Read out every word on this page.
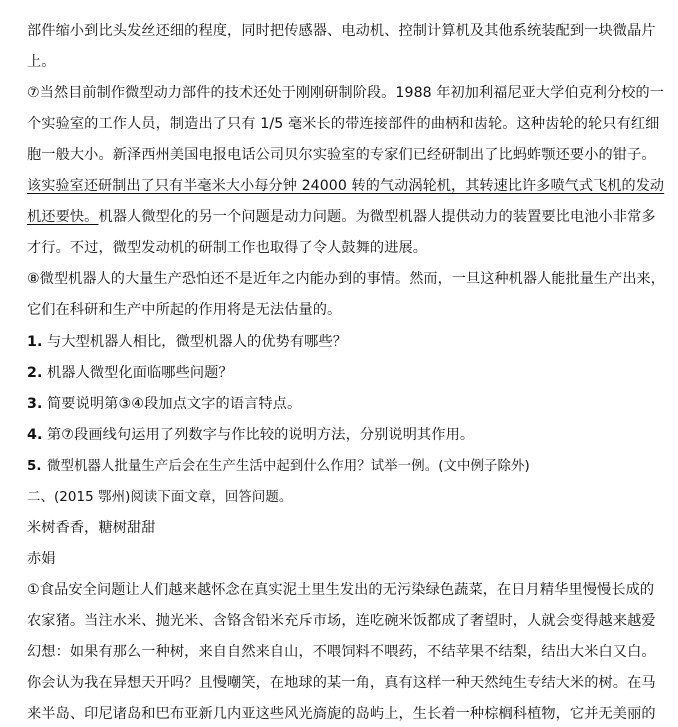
部件缩小到比头发丝还细的程度，同时把传感器、电动机、控制计算机及其他系统装配到一块微晶片
上。
⑦当然目前制作微型动力部件的技术还处于刚刚研制阶段。1988 年初加利福尼亚大学伯克利分校的一
个实验室的工作人员，制造出了只有 1/5 毫米长的带连接部件的曲柄和齿轮。这种齿轮的轮只有红细
胞一般大小。新泽西州美国电报电话公司贝尔实验室的专家们已经研制出了比蚂蚱颚还要小的钳子。
该实验室还研制出了只有半毫米大小每分钟 24000 转的气动涡轮机，其转速比许多喷气式飞机的发动
机还要快。机器人微型化的另一个问题是动力问题。为微型机器人提供动力的装置要比电池小非常多
才行。不过，微型发动机的研制工作也取得了令人鼓舞的进展。
⑧微型机器人的大量生产恐怕还不是近年之内能办到的事情。然而，一旦这种机器人能批量生产出来，
它们在科研和生产中所起的作用将是无法估量的。
1. 与大型机器人相比，微型机器人的优势有哪些？
2. 机器人微型化面临哪些问题？
3. 简要说明第③④段加点文字的语言特点。
4. 第⑦段画线句运用了列数字与作比较的说明方法，分别说明其作用。
5. 微型机器人批量生产后会在生产生活中起到什么作用？试举一例。(文中例子除外)
二、(2015 鄂州)阅读下面文章，回答问题。
米树香香，糖树甜甜
赤娟
①食品安全问题让人们越来越怀念在真实泥土里生发出的无污染绿色蔬菜，在日月精华里慢慢长成的
农家猪。当注水米、抛光米、含铬含铅米充斥市场，连吃碗米饭都成了奢望时，人就会变得越来越爱
幻想：如果有那么一种树，来自自然来自山，不喂饲料不喂药，不结苹果不结梨，结出大米白又白。
你会认为我在异想天开吗？且慢嘲笑，在地球的某一角，真有这样一种天然纯生专结大米的树。在马
来半岛、印尼诸岛和巴布亚新几内亚这些风光旖旎的岛屿上，生长着一种棕榈科植物，它并无美丽的
